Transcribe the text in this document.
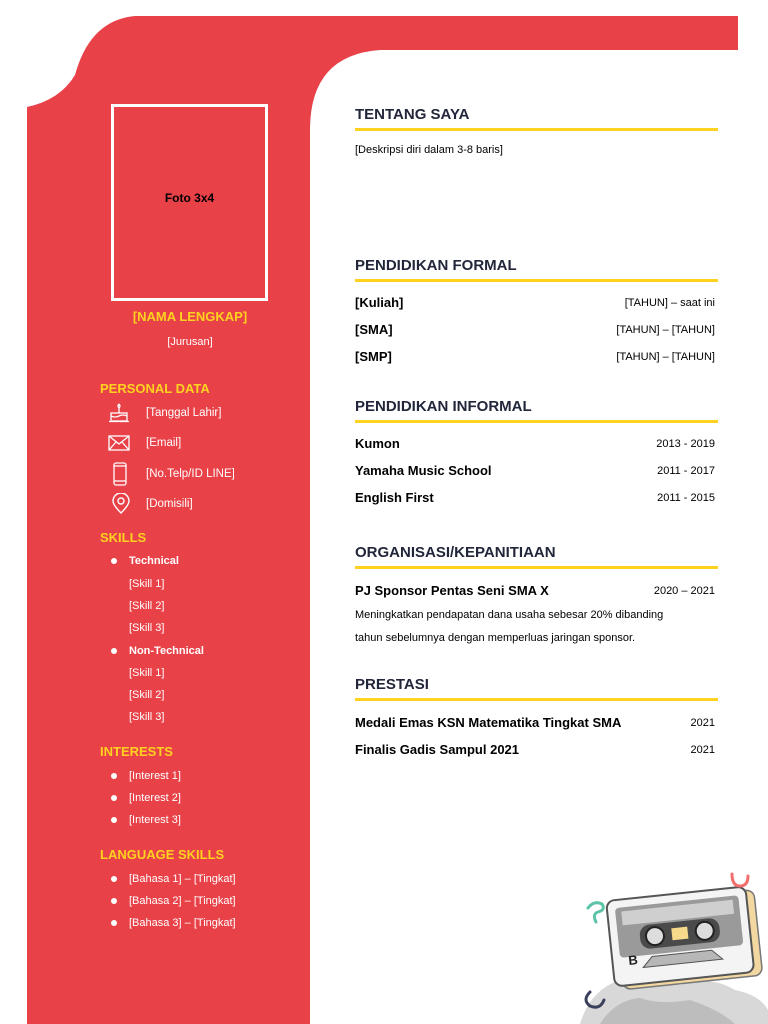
Foto 3x4
[NAMA LENGKAP]
[Jurusan]
PERSONAL DATA
[Tanggal Lahir]
[Email]
[No.Telp/ID LINE]
[Domisili]
SKILLS
Technical
[Skill 1]
[Skill 2]
[Skill 3]
Non-Technical
[Skill 1]
[Skill 2]
[Skill 3]
INTERESTS
[Interest 1]
[Interest 2]
[Interest 3]
LANGUAGE SKILLS
[Bahasa 1] – [Tingkat]
[Bahasa 2] – [Tingkat]
[Bahasa 3] – [Tingkat]
TENTANG SAYA
[Deskripsi diri dalam 3-8 baris]
PENDIDIKAN FORMAL
[Kuliah]	[TAHUN] – saat ini
[SMA]	[TAHUN] – [TAHUN]
[SMP]	[TAHUN] – [TAHUN]
PENDIDIKAN INFORMAL
Kumon	2013 - 2019
Yamaha Music School	2011 - 2017
English First	2011 - 2015
ORGANISASI/KEPANITIAAN
PJ Sponsor Pentas Seni SMA X	2020 – 2021
Meningkatkan pendapatan dana usaha sebesar 20% dibanding
tahun sebelumnya dengan memperluas jaringan sponsor.
PRESTASI
Medali Emas KSN Matematika Tingkat SMA	2021
Finalis Gadis Sampul 2021	2021
B
